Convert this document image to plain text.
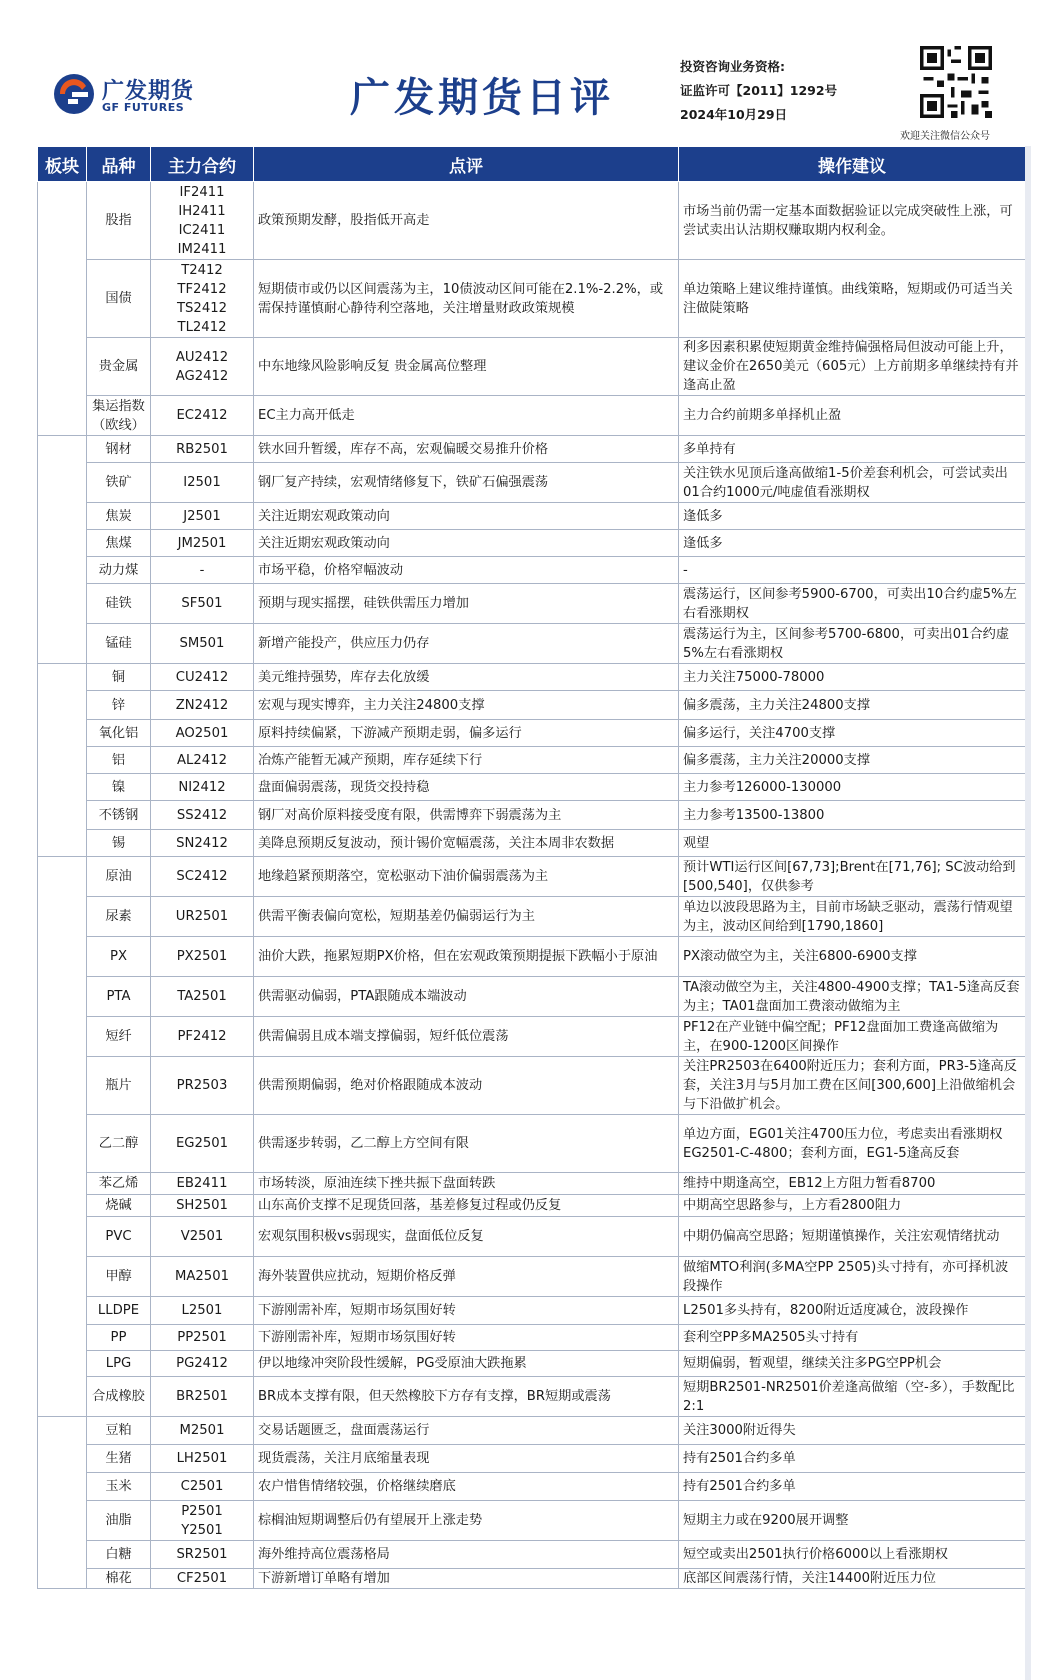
广发期货
GF FUTURES	广发期货日评
投资咨询业务资格:
证监许可【2011】1292号
2024年10月29日
欢迎关注微信公众号
板块	品种	主力合约	点评	操作建议
金融	股指	IF2411
IH2411
IC2411
IM2411	政策预期发酵，股指低开高走	市场当前仍需一定基本面数据验证以完成突破性上涨，可尝试卖出认沽期权赚取期内权利金。
	国债	T2412
TF2412
TS2412
TL2412	短期债市或仍以区间震荡为主，10债波动区间可能在2.1%-2.2%，或需保持谨慎耐心静待利空落地，关注增量财政政策规模	单边策略上建议维持谨慎。曲线策略，短期或仍可适当关注做陡策略
	贵金属	AU2412
AG2412	中东地缘风险影响反复 贵金属高位整理	利多因素积累使短期黄金维持偏强格局但波动可能上升，建议金价在2650美元（605元）上方前期多单继续持有并逢高止盈
	集运指数
（欧线）	EC2412	EC主力高开低走	主力合约前期多单择机止盈
黑色	钢材	RB2501	铁水回升暂缓，库存不高，宏观偏暖交易推升价格	多单持有
	铁矿	I2501	钢厂复产持续，宏观情绪修复下，铁矿石偏强震荡	关注铁水见顶后逢高做缩1-5价差套利机会，可尝试卖出01合约1000元/吨虚值看涨期权
	焦炭	J2501	关注近期宏观政策动向	逢低多
	焦煤	JM2501	关注近期宏观政策动向	逢低多
	动力煤	-	市场平稳，价格窄幅波动	-
	硅铁	SF501	预期与现实摇摆，硅铁供需压力增加	震荡运行，区间参考5900-6700，可卖出10合约虚5%左右看涨期权
	锰硅	SM501	新增产能投产，供应压力仍存	震荡运行为主，区间参考5700-6800，可卖出01合约虚5%左右看涨期权
有色	铜	CU2412	美元维持强势，库存去化放缓	主力关注75000-78000
	锌	ZN2412	宏观与现实博弈，主力关注24800支撑	偏多震荡，主力关注24800支撑
	氧化铝	AO2501	原料持续偏紧，下游减产预期走弱，偏多运行	偏多运行，关注4700支撑
	铝	AL2412	冶炼产能暂无减产预期，库存延续下行	偏多震荡，主力关注20000支撑
	镍	NI2412	盘面偏弱震荡，现货交投持稳	主力参考126000-130000
	不锈钢	SS2412	钢厂对高价原料接受度有限，供需博弈下弱震荡为主	主力参考13500-13800
	锡	SN2412	美降息预期反复波动，预计锡价宽幅震荡，关注本周非农数据	观望
能源
化工	原油	SC2412	地缘趋紧预期落空，宽松驱动下油价偏弱震荡为主	预计WTI运行区间[67,73];Brent在[71,76]; SC波动给到[500,540]，仅供参考
	尿素	UR2501	供需平衡表偏向宽松，短期基差仍偏弱运行为主	单边以波段思路为主，目前市场缺乏驱动，震荡行情观望为主，波动区间给到[1790,1860]
	PX	PX2501	油价大跌，拖累短期PX价格，但在宏观政策预期提振下跌幅小于原油	PX滚动做空为主，关注6800-6900支撑
	PTA	TA2501	供需驱动偏弱，PTA跟随成本端波动	TA滚动做空为主，关注4800-4900支撑；TA1-5逢高反套为主；TA01盘面加工费滚动做缩为主
	短纤	PF2412	供需偏弱且成本端支撑偏弱，短纤低位震荡	PF12在产业链中偏空配；PF12盘面加工费逢高做缩为主，在900-1200区间操作
	瓶片	PR2503	供需预期偏弱，绝对价格跟随成本波动	关注PR2503在6400附近压力；套利方面，PR3-5逢高反套，关注3月与5月加工费在区间[300,600]上沿做缩机会与下沿做扩机会。
	乙二醇	EG2501	供需逐步转弱，乙二醇上方空间有限	单边方面，EG01关注4700压力位，考虑卖出看涨期权EG2501-C-4800；套利方面，EG1-5逢高反套
	苯乙烯	EB2411	市场转淡，原油连续下挫共振下盘面转跌	维持中期逢高空，EB12上方阻力暂看8700
	烧碱	SH2501	山东高价支撑不足现货回落，基差修复过程或仍反复	中期高空思路参与，上方看2800阻力
	PVC	V2501	宏观氛围积极vs弱现实，盘面低位反复	中期仍偏高空思路；短期谨慎操作，关注宏观情绪扰动
	甲醇	MA2501	海外装置供应扰动，短期价格反弹	做缩MTO利润(多MA空PP 2505)头寸持有，亦可择机波段操作
	LLDPE	L2501	下游刚需补库，短期市场氛围好转	L2501多头持有，8200附近适度减仓，波段操作
	PP	PP2501	下游刚需补库，短期市场氛围好转	套利空PP多MA2505头寸持有
	LPG	PG2412	伊以地缘冲突阶段性缓解，PG受原油大跌拖累	短期偏弱，暂观望，继续关注多PG空PP机会
	合成橡胶	BR2501	BR成本支撑有限，但天然橡胶下方存有支撑，BR短期或震荡	短期BR2501-NR2501价差逢高做缩（空-多），手数配比2:1
农产品	豆粕	M2501	交易话题匮乏，盘面震荡运行	关注3000附近得失
	生猪	LH2501	现货震荡，关注月底缩量表现	持有2501合约多单
	玉米	C2501	农户惜售情绪较强，价格继续磨底	持有2501合约多单
	油脂	P2501
Y2501	棕榈油短期调整后仍有望展开上涨走势	短期主力或在9200展开调整
	白糖	SR2501	海外维持高位震荡格局	短空或卖出2501执行价格6000以上看涨期权
	棉花	CF2501	下游新增订单略有增加	底部区间震荡行情，关注14400附近压力位
